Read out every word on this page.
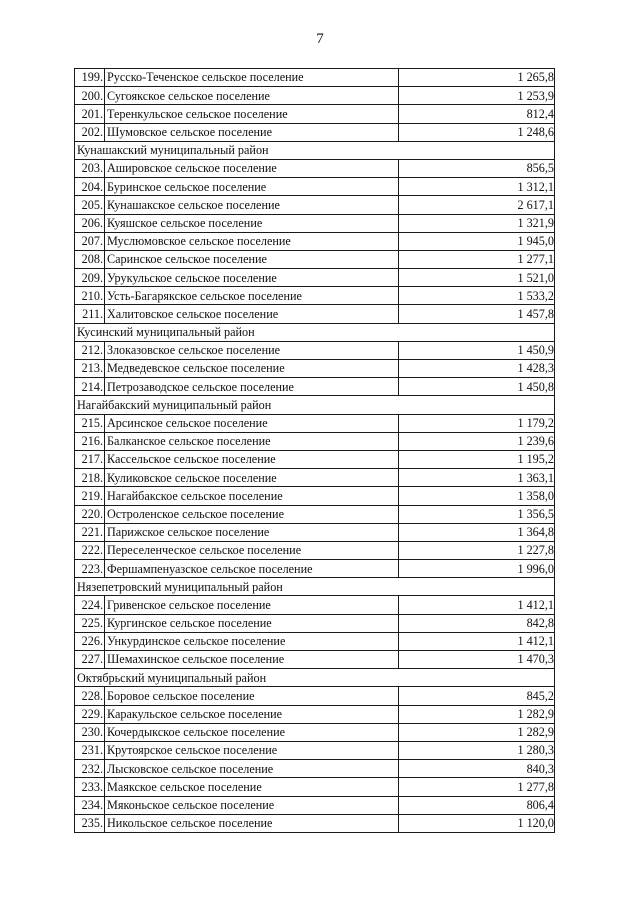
7
199.	Русско-Теченское сельское поселение	1 265,8
200.	Сугоякское сельское поселение	1 253,9
201.	Теренкульское сельское поселение	812,4
202.	Шумовское сельское поселение	1 248,6
Кунашакский муниципальный район		
203.	Ашировское сельское поселение	856,5
204.	Буринское сельское поселение	1 312,1
205.	Кунашакское сельское поселение	2 617,1
206.	Куяшское сельское поселение	1 321,9
207.	Муслюмовское сельское поселение	1 945,0
208.	Саринское сельское поселение	1 277,1
209.	Урукульское сельское поселение	1 521,0
210.	Усть-Багарякское сельское поселение	1 533,2
211.	Халитовское сельское поселение	1 457,8
Кусинский муниципальный район		
212.	Злоказовское сельское поселение	1 450,9
213.	Медведевское сельское поселение	1 428,3
214.	Петрозаводское сельское поселение	1 450,8
Нагайбакский муниципальный район		
215.	Арсинское сельское поселение	1 179,2
216.	Балканское сельское поселение	1 239,6
217.	Кассельское сельское поселение	1 195,2
218.	Куликовское сельское поселение	1 363,1
219.	Нагайбакское сельское поселение	1 358,0
220.	Остроленское сельское поселение	1 356,5
221.	Парижское сельское поселение	1 364,8
222.	Переселенческое сельское поселение	1 227,8
223.	Фершампенуазское сельское поселение	1 996,0
Нязепетровский муниципальный район		
224.	Гривенское сельское поселение	1 412,1
225.	Кургинское сельское поселение	842,8
226.	Ункурдинское сельское поселение	1 412,1
227.	Шемахинское сельское поселение	1 470,3
Октябрьский муниципальный район		
228.	Боровое сельское поселение	845,2
229.	Каракульское сельское поселение	1 282,9
230.	Кочердыкское сельское поселение	1 282,9
231.	Крутоярское сельское поселение	1 280,3
232.	Лысковское сельское поселение	840,3
233.	Маякское сельское поселение	1 277,8
234.	Мяконьское сельское поселение	806,4
235.	Никольское сельское поселение	1 120,0
